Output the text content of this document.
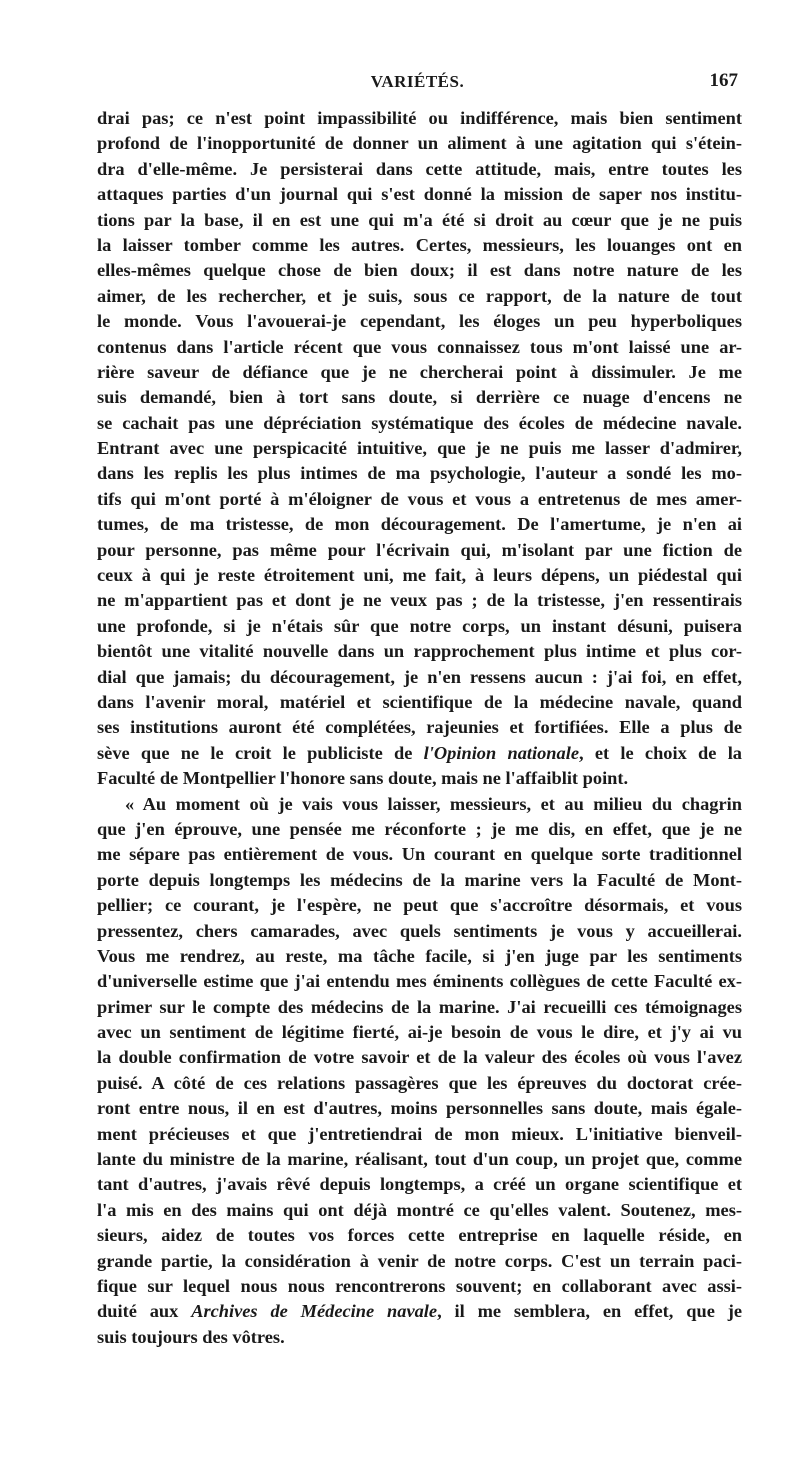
VARIÉTÉS.	167
drai pas; ce n'est point impassibilité ou indifférence, mais bien sentiment
profond de l'inopportunité de donner un aliment à une agitation qui s'étein-
dra d'elle-même. Je persisterai dans cette attitude, mais, entre toutes les
attaques parties d'un journal qui s'est donné la mission de saper nos institu-
tions par la base, il en est une qui m'a été si droit au cœur que je ne puis
la laisser tomber comme les autres. Certes, messieurs, les louanges ont en
elles-mêmes quelque chose de bien doux; il est dans notre nature de les
aimer, de les rechercher, et je suis, sous ce rapport, de la nature de tout
le monde. Vous l'avouerai-je cependant, les éloges un peu hyperboliques
contenus dans l'article récent que vous connaissez tous m'ont laissé une ar-
rière saveur de défiance que je ne chercherai point à dissimuler. Je me
suis demandé, bien à tort sans doute, si derrière ce nuage d'encens ne
se cachait pas une dépréciation systématique des écoles de médecine navale.
Entrant avec une perspicacité intuitive, que je ne puis me lasser d'admirer,
dans les replis les plus intimes de ma psychologie, l'auteur a sondé les mo-
tifs qui m'ont porté à m'éloigner de vous et vous a entretenus de mes amer-
tumes, de ma tristesse, de mon découragement. De l'amertume, je n'en ai
pour personne, pas même pour l'écrivain qui, m'isolant par une fiction de
ceux à qui je reste étroitement uni, me fait, à leurs dépens, un piédestal qui
ne m'appartient pas et dont je ne veux pas ; de la tristesse, j'en ressentirais
une profonde, si je n'étais sûr que notre corps, un instant désuni, puisera
bientôt une vitalité nouvelle dans un rapprochement plus intime et plus cor-
dial que jamais; du découragement, je n'en ressens aucun : j'ai foi, en effet,
dans l'avenir moral, matériel et scientifique de la médecine navale, quand
ses institutions auront été complétées, rajeunies et fortifiées. Elle a plus de
sève que ne le croit le publiciste de l'Opinion nationale, et le choix de la
Faculté de Montpellier l'honore sans doute, mais ne l'affaiblit point.
« Au moment où je vais vous laisser, messieurs, et au milieu du chagrin
que j'en éprouve, une pensée me réconforte ; je me dis, en effet, que je ne
me sépare pas entièrement de vous. Un courant en quelque sorte traditionnel
porte depuis longtemps les médecins de la marine vers la Faculté de Mont-
pellier; ce courant, je l'espère, ne peut que s'accroître désormais, et vous
pressentez, chers camarades, avec quels sentiments je vous y accueillerai.
Vous me rendrez, au reste, ma tâche facile, si j'en juge par les sentiments
d'universelle estime que j'ai entendu mes éminents collègues de cette Faculté ex-
primer sur le compte des médecins de la marine. J'ai recueilli ces témoignages
avec un sentiment de légitime fierté, ai-je besoin de vous le dire, et j'y ai vu
la double confirmation de votre savoir et de la valeur des écoles où vous l'avez
puisé. A côté de ces relations passagères que les épreuves du doctorat crée-
ront entre nous, il en est d'autres, moins personnelles sans doute, mais égale-
ment précieuses et que j'entretiendrai de mon mieux. L'initiative bienveil-
lante du ministre de la marine, réalisant, tout d'un coup, un projet que, comme
tant d'autres, j'avais rêvé depuis longtemps, a créé un organe scientifique et
l'a mis en des mains qui ont déjà montré ce qu'elles valent. Soutenez, mes-
sieurs, aidez de toutes vos forces cette entreprise en laquelle réside, en
grande partie, la considération à venir de notre corps. C'est un terrain paci-
fique sur lequel nous nous rencontrerons souvent; en collaborant avec assi-
duité aux Archives de Médecine navale, il me semblera, en effet, que je
suis toujours des vôtres.
